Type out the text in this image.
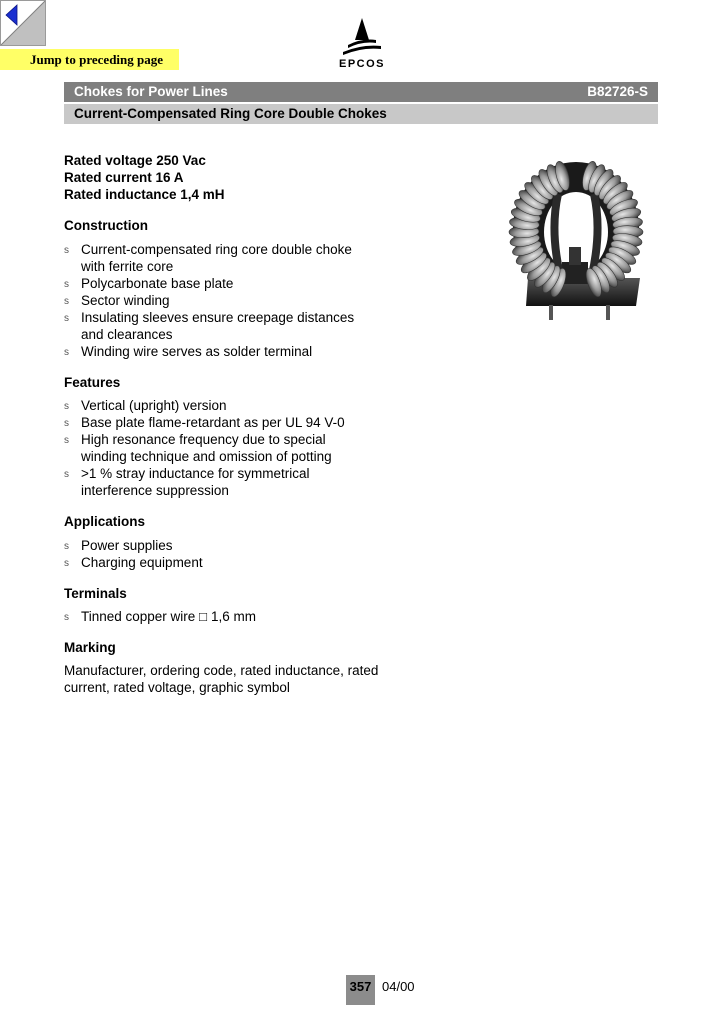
Jump to preceding page	EPCOS
Chokes for Power Lines	B82726-S
Current-Compensated Ring Core Double Chokes
Rated voltage 250 Vac
Rated current 16 A
Rated inductance 1,4 mH
Construction
s Current-compensated ring core double choke with ferrite core
s Polycarbonate base plate
s Sector winding
s Insulating sleeves ensure creepage distances and clearances
s Winding wire serves as solder terminal
Features
s Vertical (upright) version
s Base plate flame-retardant as per UL 94 V-0
s High resonance frequency due to special winding technique and omission of potting
s >1 % stray inductance for symmetrical interference suppression
Applications
s Power supplies
s Charging equipment
Terminals
s Tinned copper wire □ 1,6 mm
Marking
Manufacturer, ordering code, rated inductance, rated current, rated voltage, graphic symbol
357 04/00
